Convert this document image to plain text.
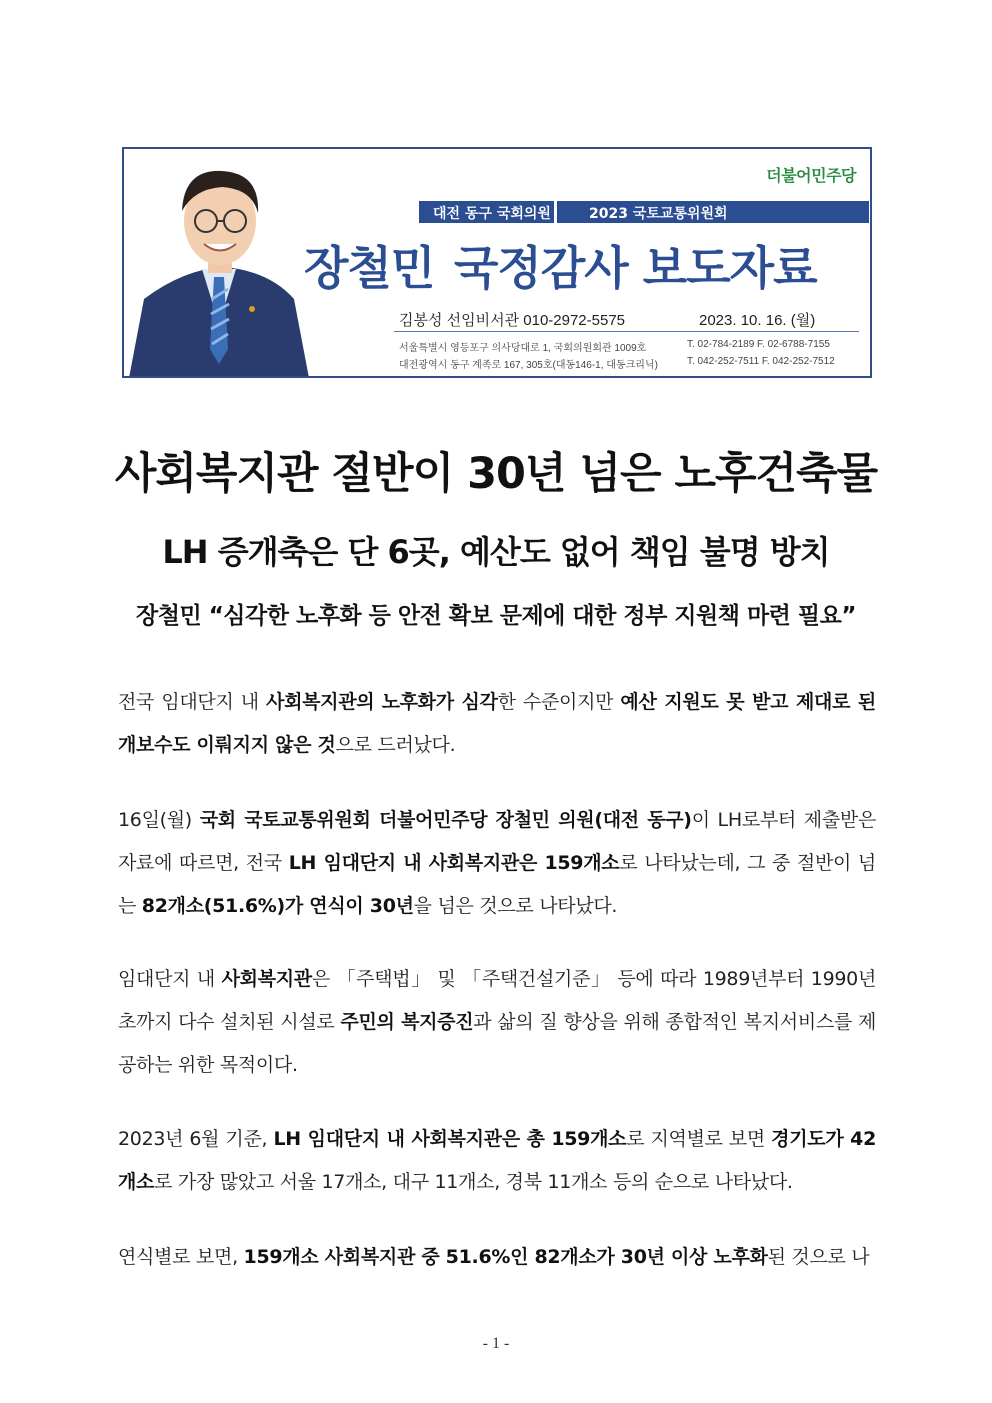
더불어민주당
대전 동구 국회의원	2023 국토교통위원회
장철민 국정감사 보도자료
김봉성 선임비서관 010-2972-5575	2023. 10. 16. (월)
서울특별시 영등포구 의사당대로 1, 국회의원회관 1009호
대전광역시 동구 계족로 167, 305호(대동146-1, 대동크리닉)
T. 02-784-2189 F. 02-6788-7155
T. 042-252-7511 F. 042-252-7512
사회복지관 절반이 30년 넘은 노후건축물
LH 증개축은 단 6곳, 예산도 없어 책임 불명 방치
장철민 “심각한 노후화 등 안전 확보 문제에 대한 정부 지원책 마련 필요”
전국 임대단지 내 사회복지관의 노후화가 심각한 수준이지만 예산 지원도 못 받고 제대로 된 개보수도 이뤄지지 않은 것으로 드러났다.
16일(월) 국회 국토교통위원회 더불어민주당 장철민 의원(대전 동구)이 LH로부터 제출받은 자료에 따르면, 전국 LH 임대단지 내 사회복지관은 159개소로 나타났는데, 그 중 절반이 넘는 82개소(51.6%)가 연식이 30년을 넘은 것으로 나타났다.
임대단지 내 사회복지관은 「주택법」 및 「주택건설기준」 등에 따라 1989년부터 1990년 초까지 다수 설치된 시설로 주민의 복지증진과 삶의 질 향상을 위해 종합적인 복지서비스를 제공하는 위한 목적이다.
2023년 6월 기준, LH 임대단지 내 사회복지관은 총 159개소로 지역별로 보면 경기도가 42개소로 가장 많았고 서울 17개소, 대구 11개소, 경북 11개소 등의 순으로 나타났다.
연식별로 보면, 159개소 사회복지관 중 51.6%인 82개소가 30년 이상 노후화된 것으로 나
- 1 -
